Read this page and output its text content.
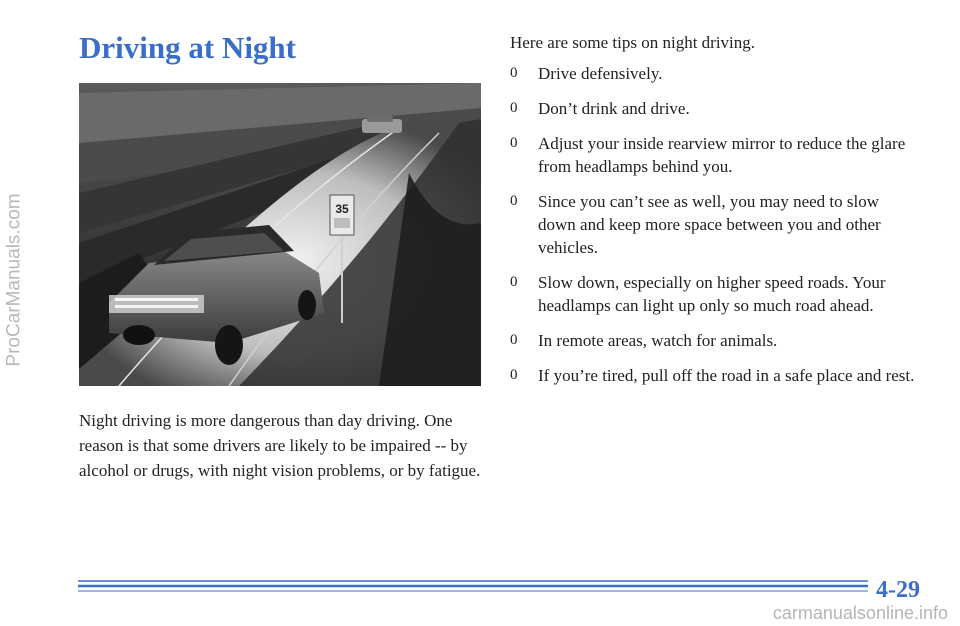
ProCarManuals.com
Driving at Night
35

Night driving is more dangerous than day driving. One reason is that some drivers are likely to be impaired -- by alcohol or drugs, with night vision problems, or by fatigue.

Here are some tips on night driving.

0	Drive defensively.
0	Don’t drink and drive.
0	Adjust your inside rearview mirror to reduce the glare from headlamps behind you.
0	Since you can’t see as well, you may need to slow down and keep more space between you and other vehicles.
0	Slow down, especially on higher speed roads. Your headlamps can light up only so much road ahead.
0	In remote areas, watch for animals.
0	If you’re tired, pull off the road in a safe place and rest.

4-29

carmanualsonline.info
